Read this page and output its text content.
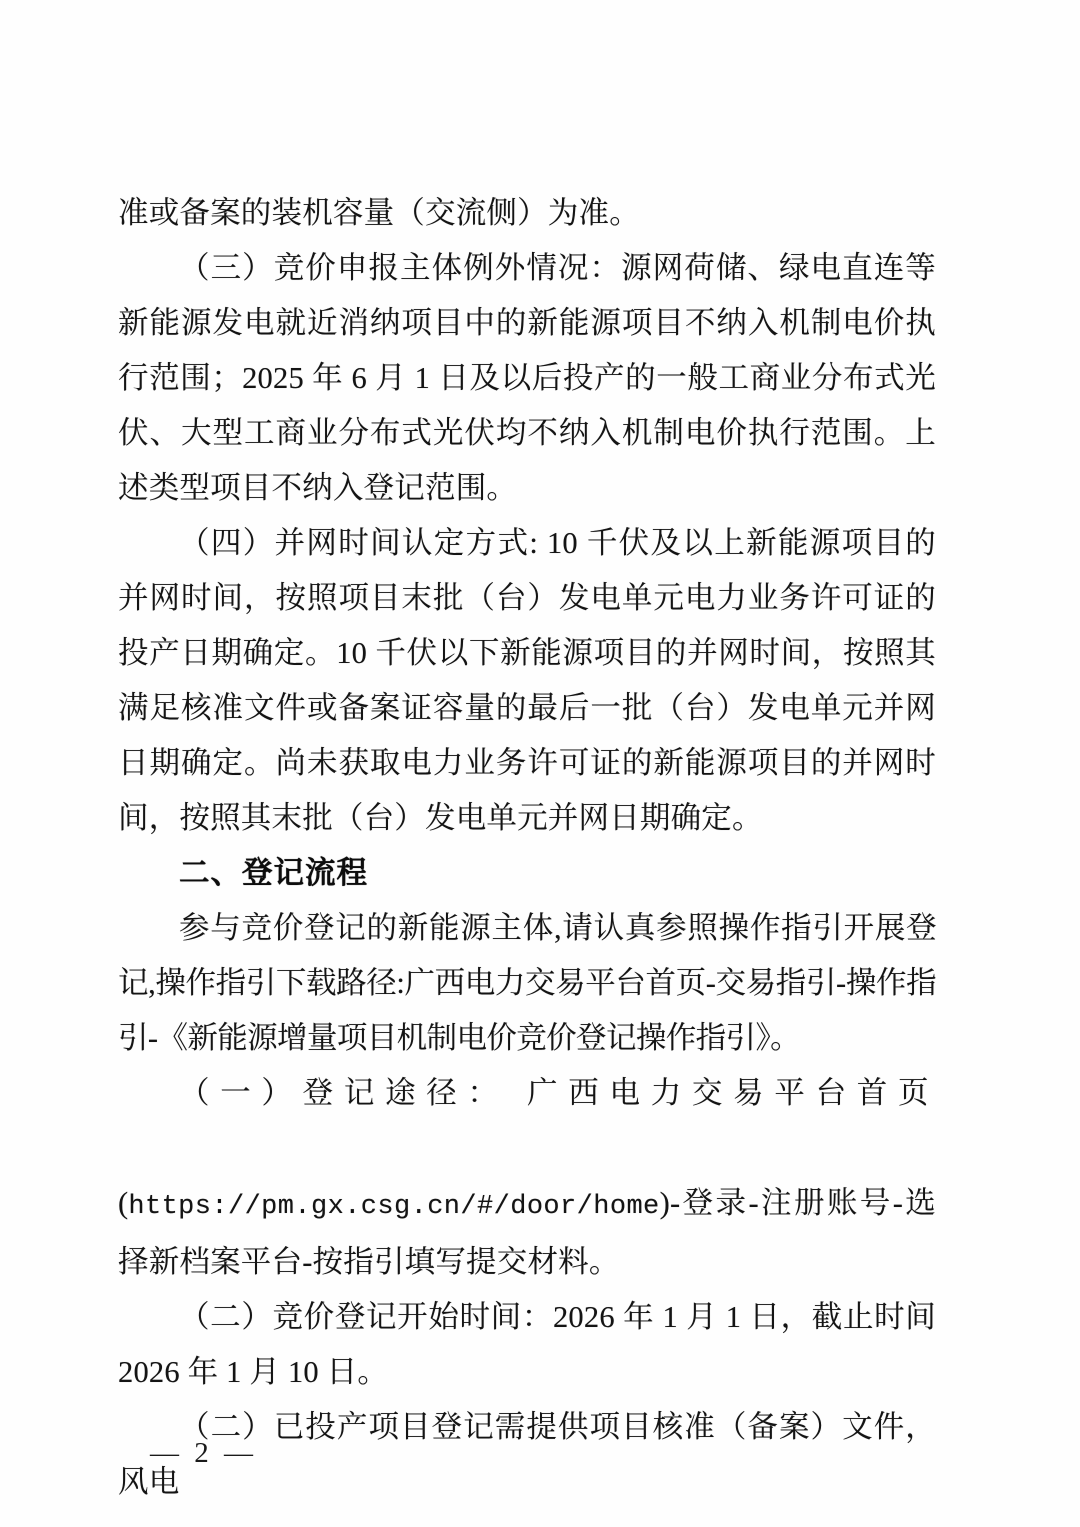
准或备案的装机容量（交流侧）为准。

（三）竞价申报主体例外情况：源网荷储、绿电直连等新能源发电就近消纳项目中的新能源项目不纳入机制电价执行范围；2025 年 6 月 1 日及以后投产的一般工商业分布式光伏、大型工商业分布式光伏均不纳入机制电价执行范围。上述类型项目不纳入登记范围。

（四）并网时间认定方式: 10 千伏及以上新能源项目的并网时间，按照项目末批（台）发电单元电力业务许可证的投产日期确定。10 千伏以下新能源项目的并网时间，按照其满足核准文件或备案证容量的最后一批（台）发电单元并网日期确定。尚未获取电力业务许可证的新能源项目的并网时间，按照其末批（台）发电单元并网日期确定。

二、登记流程

参与竞价登记的新能源主体,请认真参照操作指引开展登记,操作指引下载路径:广西电力交易平台首页-交易指引-操作指引-《新能源增量项目机制电价竞价登记操作指引》。

（一）登记途径： 广西电力交易平台首页
(https://pm.gx.csg.cn/#/door/home)-登录-注册账号-选择新档案平台-按指引填写提交材料。

（二）竞价登记开始时间：2026 年 1 月 1 日，截止时间 2026 年 1 月 10 日。

（二）已投产项目登记需提供项目核准（备案）文件，风电

— 2 —
